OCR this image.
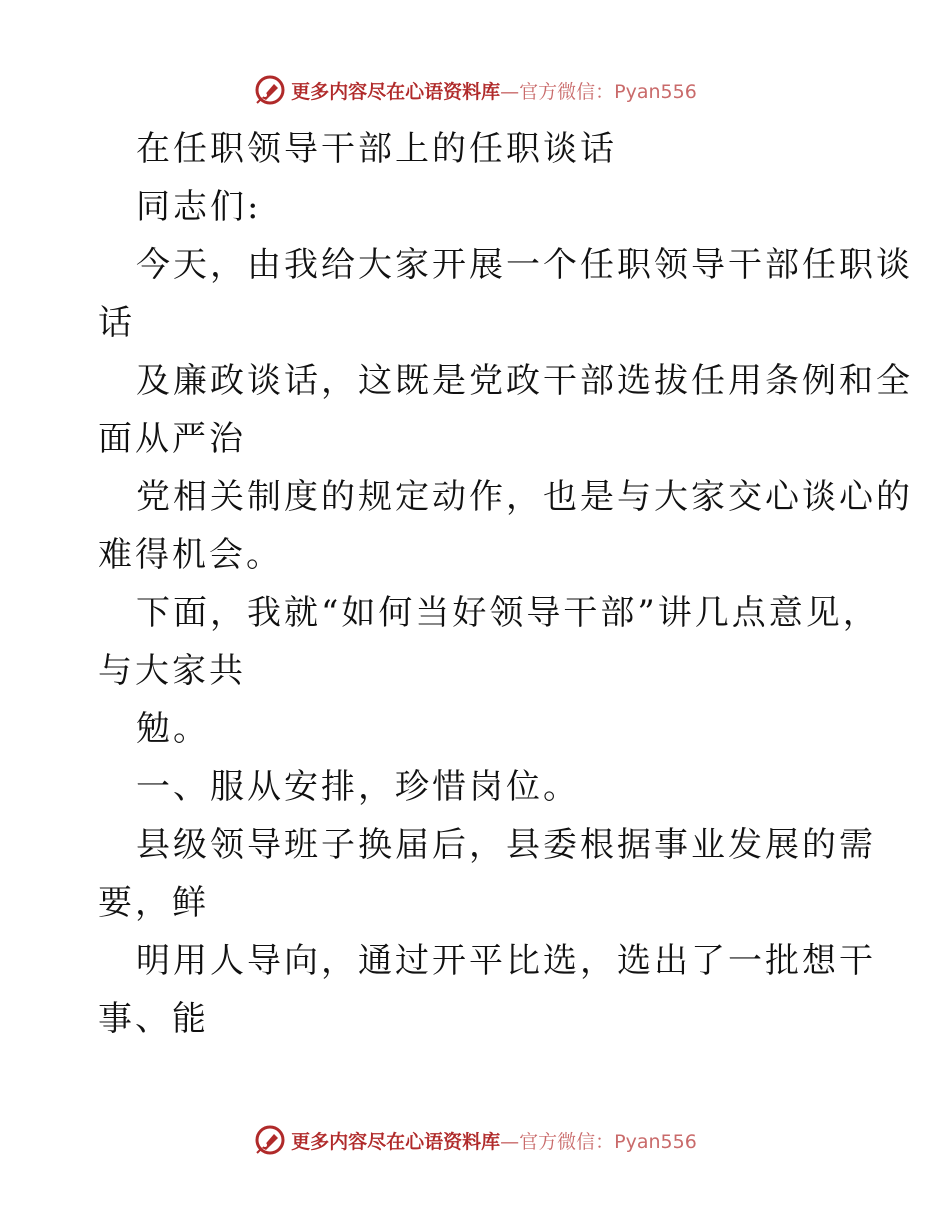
更多内容尽在心语资料库—官方微信：Pyan556
在任职领导干部上的任职谈话
同志们:
今天，由我给大家开展一个任职领导干部任职谈
话
及廉政谈话，这既是党政干部选拔任用条例和全
面从严治
党相关制度的规定动作，也是与大家交心谈心的
难得机会。
下面，我就“如何当好领导干部”讲几点意见，
与大家共
勉。
一、服从安排，珍惜岗位。
县级领导班子换届后，县委根据事业发展的需
要，鲜
明用人导向，通过开平比选，选出了一批想干
事、能
更多内容尽在心语资料库—官方微信：Pyan556
